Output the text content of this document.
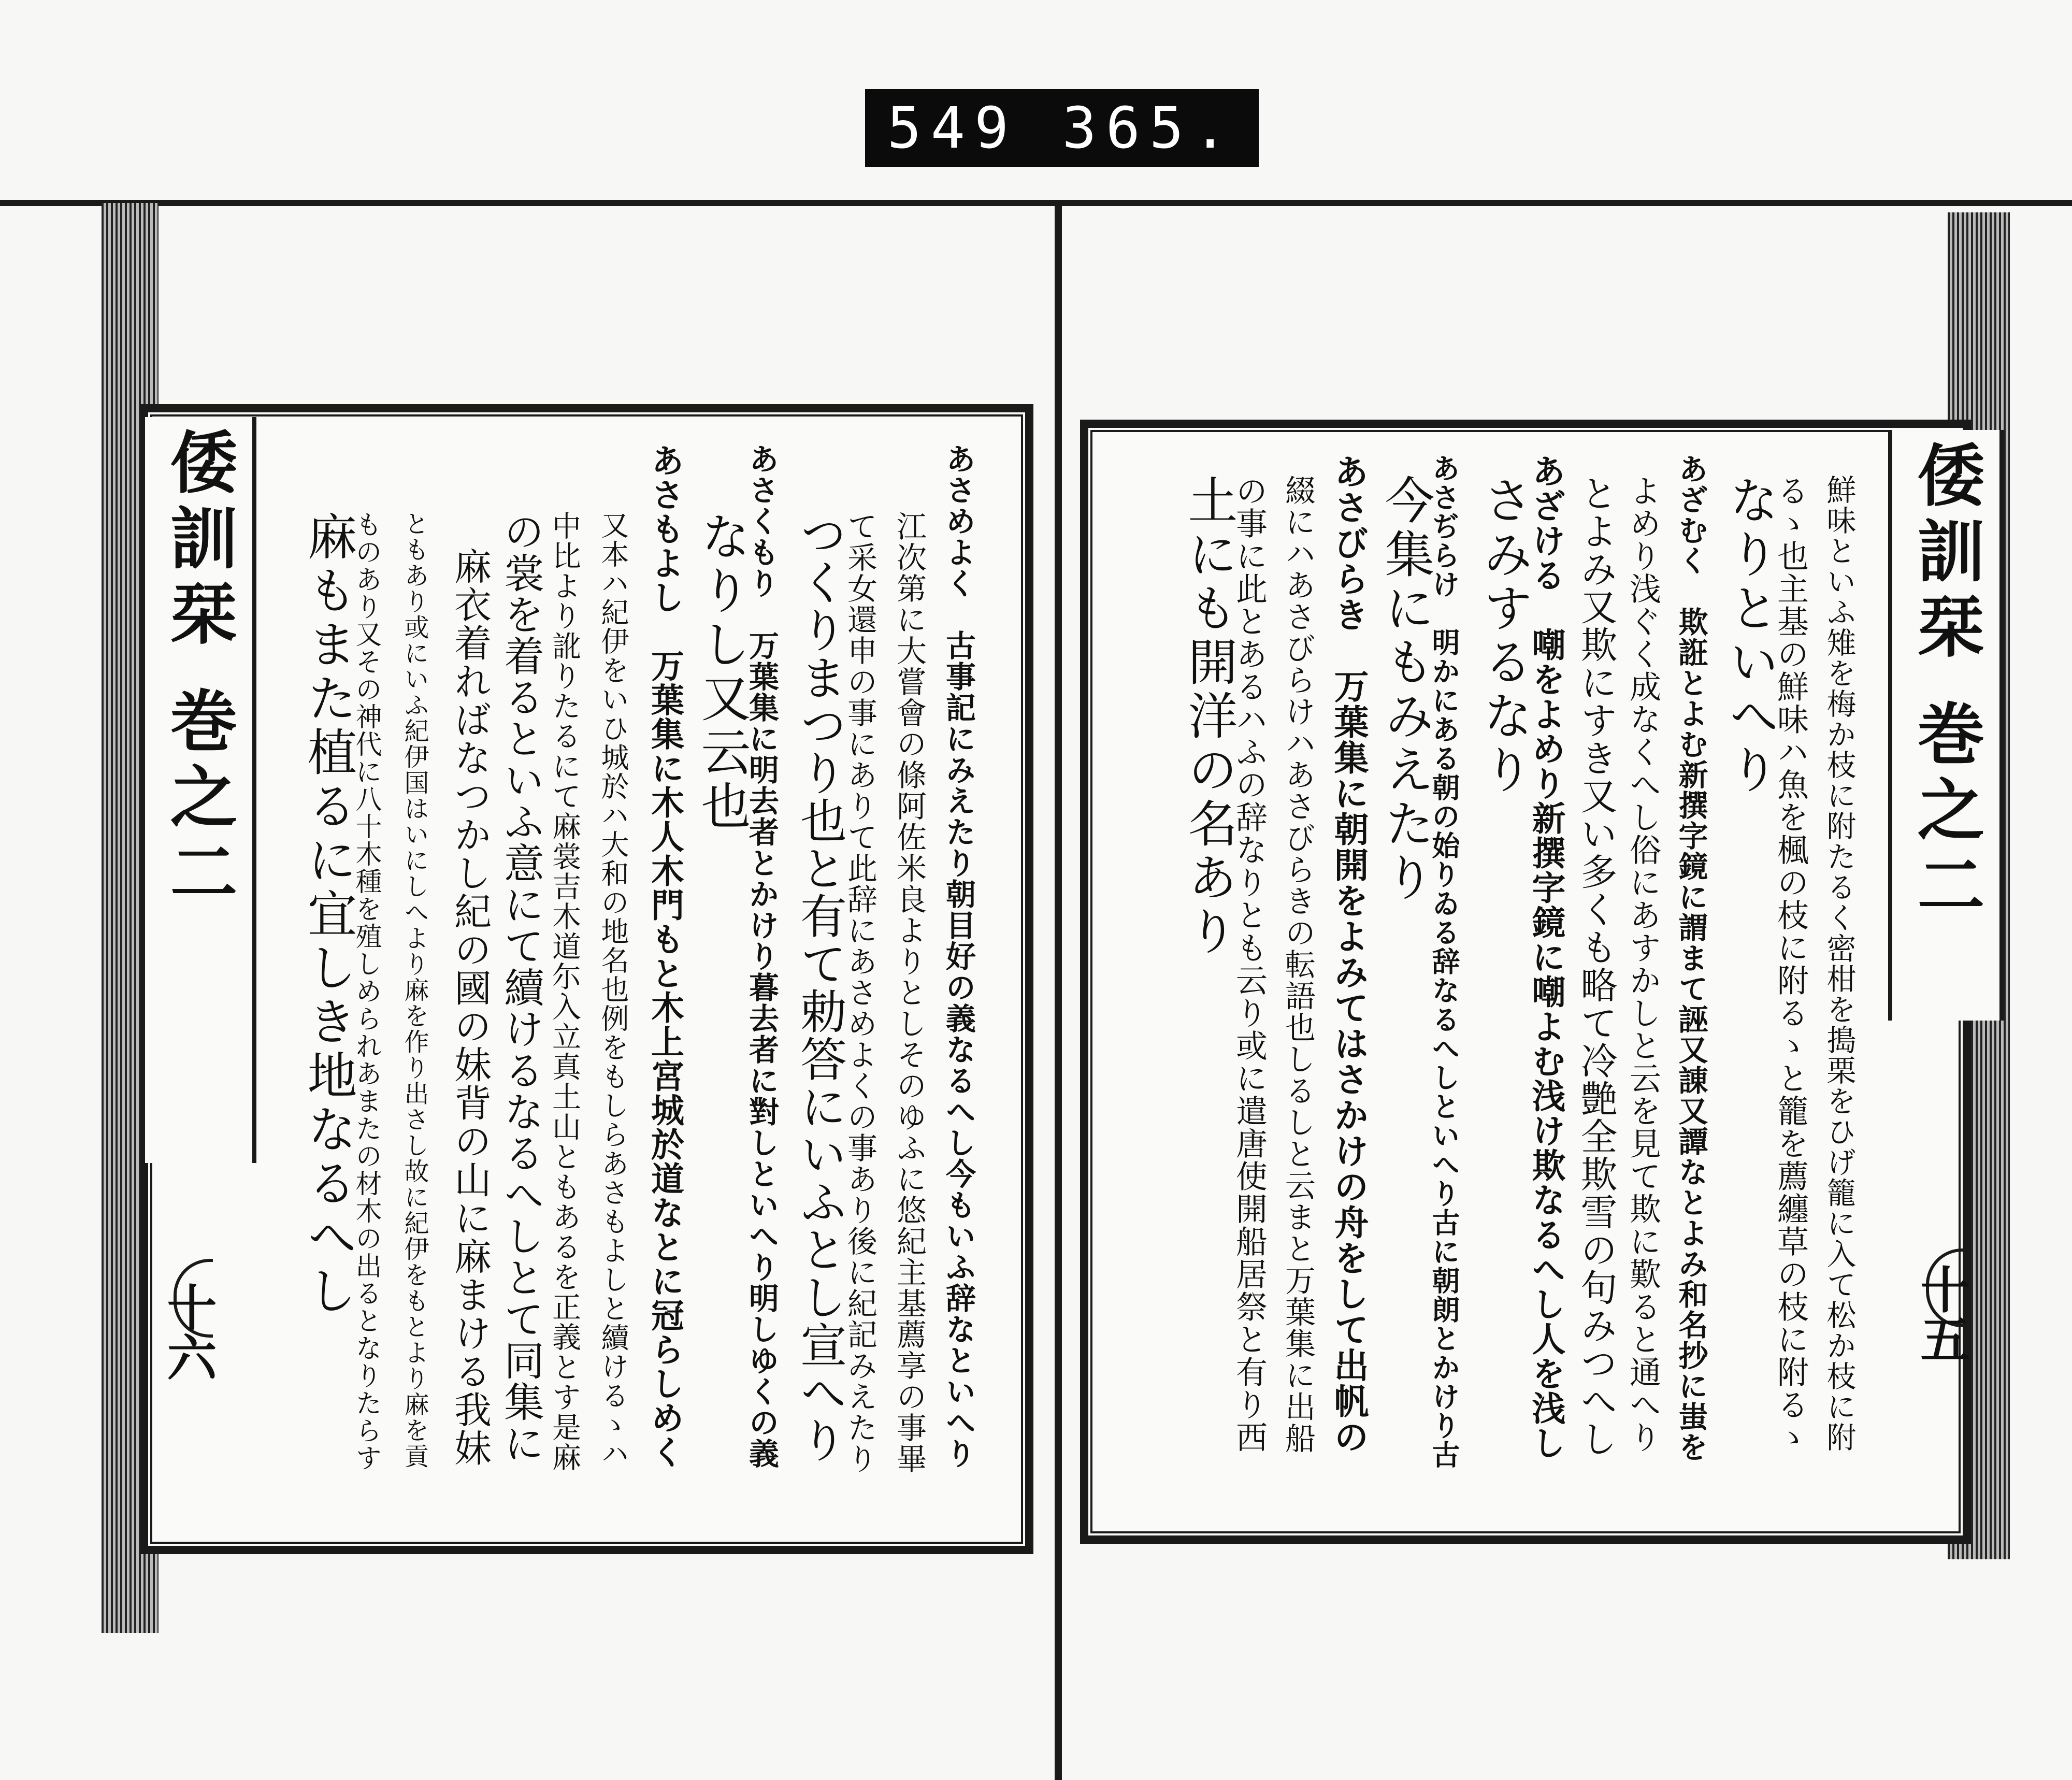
549 365.
あさめよく　古事記にみえたり朝目好の義なるへし今もいふ辞なといへり
江次第に大嘗會の條阿佐米良よりとしそのゆふに悠紀主基薦享の事畢
て采女還申の事にありて此辞にあさめよくの事あり後に紀記みえたり
つくりまつり也と有て勅答にいふとし宣へり
あさくもり　万葉集に明去者とかけり暮去者に對しといへり明しゆくの義
なりし又云也
あさもよし　万葉集に木人木門もと木上宮城於道なとに冠らしめく
又本ハ紀伊をいひ城於ハ大和の地名也例をもしらあさもよしと續けるゝハ
中比より訛りたるにて麻裳吉木道尓入立真土山ともあるを正義とす是麻
の裳を着るといふ意にて續けるなるへしとて同集に
麻衣着ればなつかし紀の國の妹背の山に麻まける我妹
ともあり或にいふ紀伊国はいにしへより麻を作り出さし故に紀伊をもとより麻を貢
ものあり又その神代に八十木種を殖しめられあまたの材木の出るとなりたらす
麻もまた植るに宜しき地なるへし
倭訓栞 巻之二
十六	鮮味といふ雉を梅か枝に附たるく密柑を搗栗をひげ籠に入て松か枝に附
るゝ也主基の鮮味ハ魚を楓の枝に附るゝと籠を薦纏草の枝に附るゝ
なりといへり
あざむく　欺誑とよむ新撰字鏡に謂まて誣又諌又譚なとよみ和名抄に蚩を
よめり浅ぐく成なくへし俗にあすかしと云を見て欺に歎ると通へり
とよみ又欺にすき又い多くも略て冷艶全欺雪の句みつへし
あざける　嘲をよめり新撰字鏡に嘲よむ浅け欺なるへし人を浅し
さみするなり
あさぢらけ　明かにある朝の始りゐる辞なるへしといへり古に朝朗とかけり古
今集にもみえたり
あさびらき　万葉集に朝開をよみてはさかけの舟をして出帆の
綴にハあさびらけハあさびらきの転語也しるしと云まと万葉集に出船
の事に此とあるハふの辞なりとも云り或に遣唐使開船居祭と有り西
土にも開洋の名あり	倭訓栞 巻之二
十五
